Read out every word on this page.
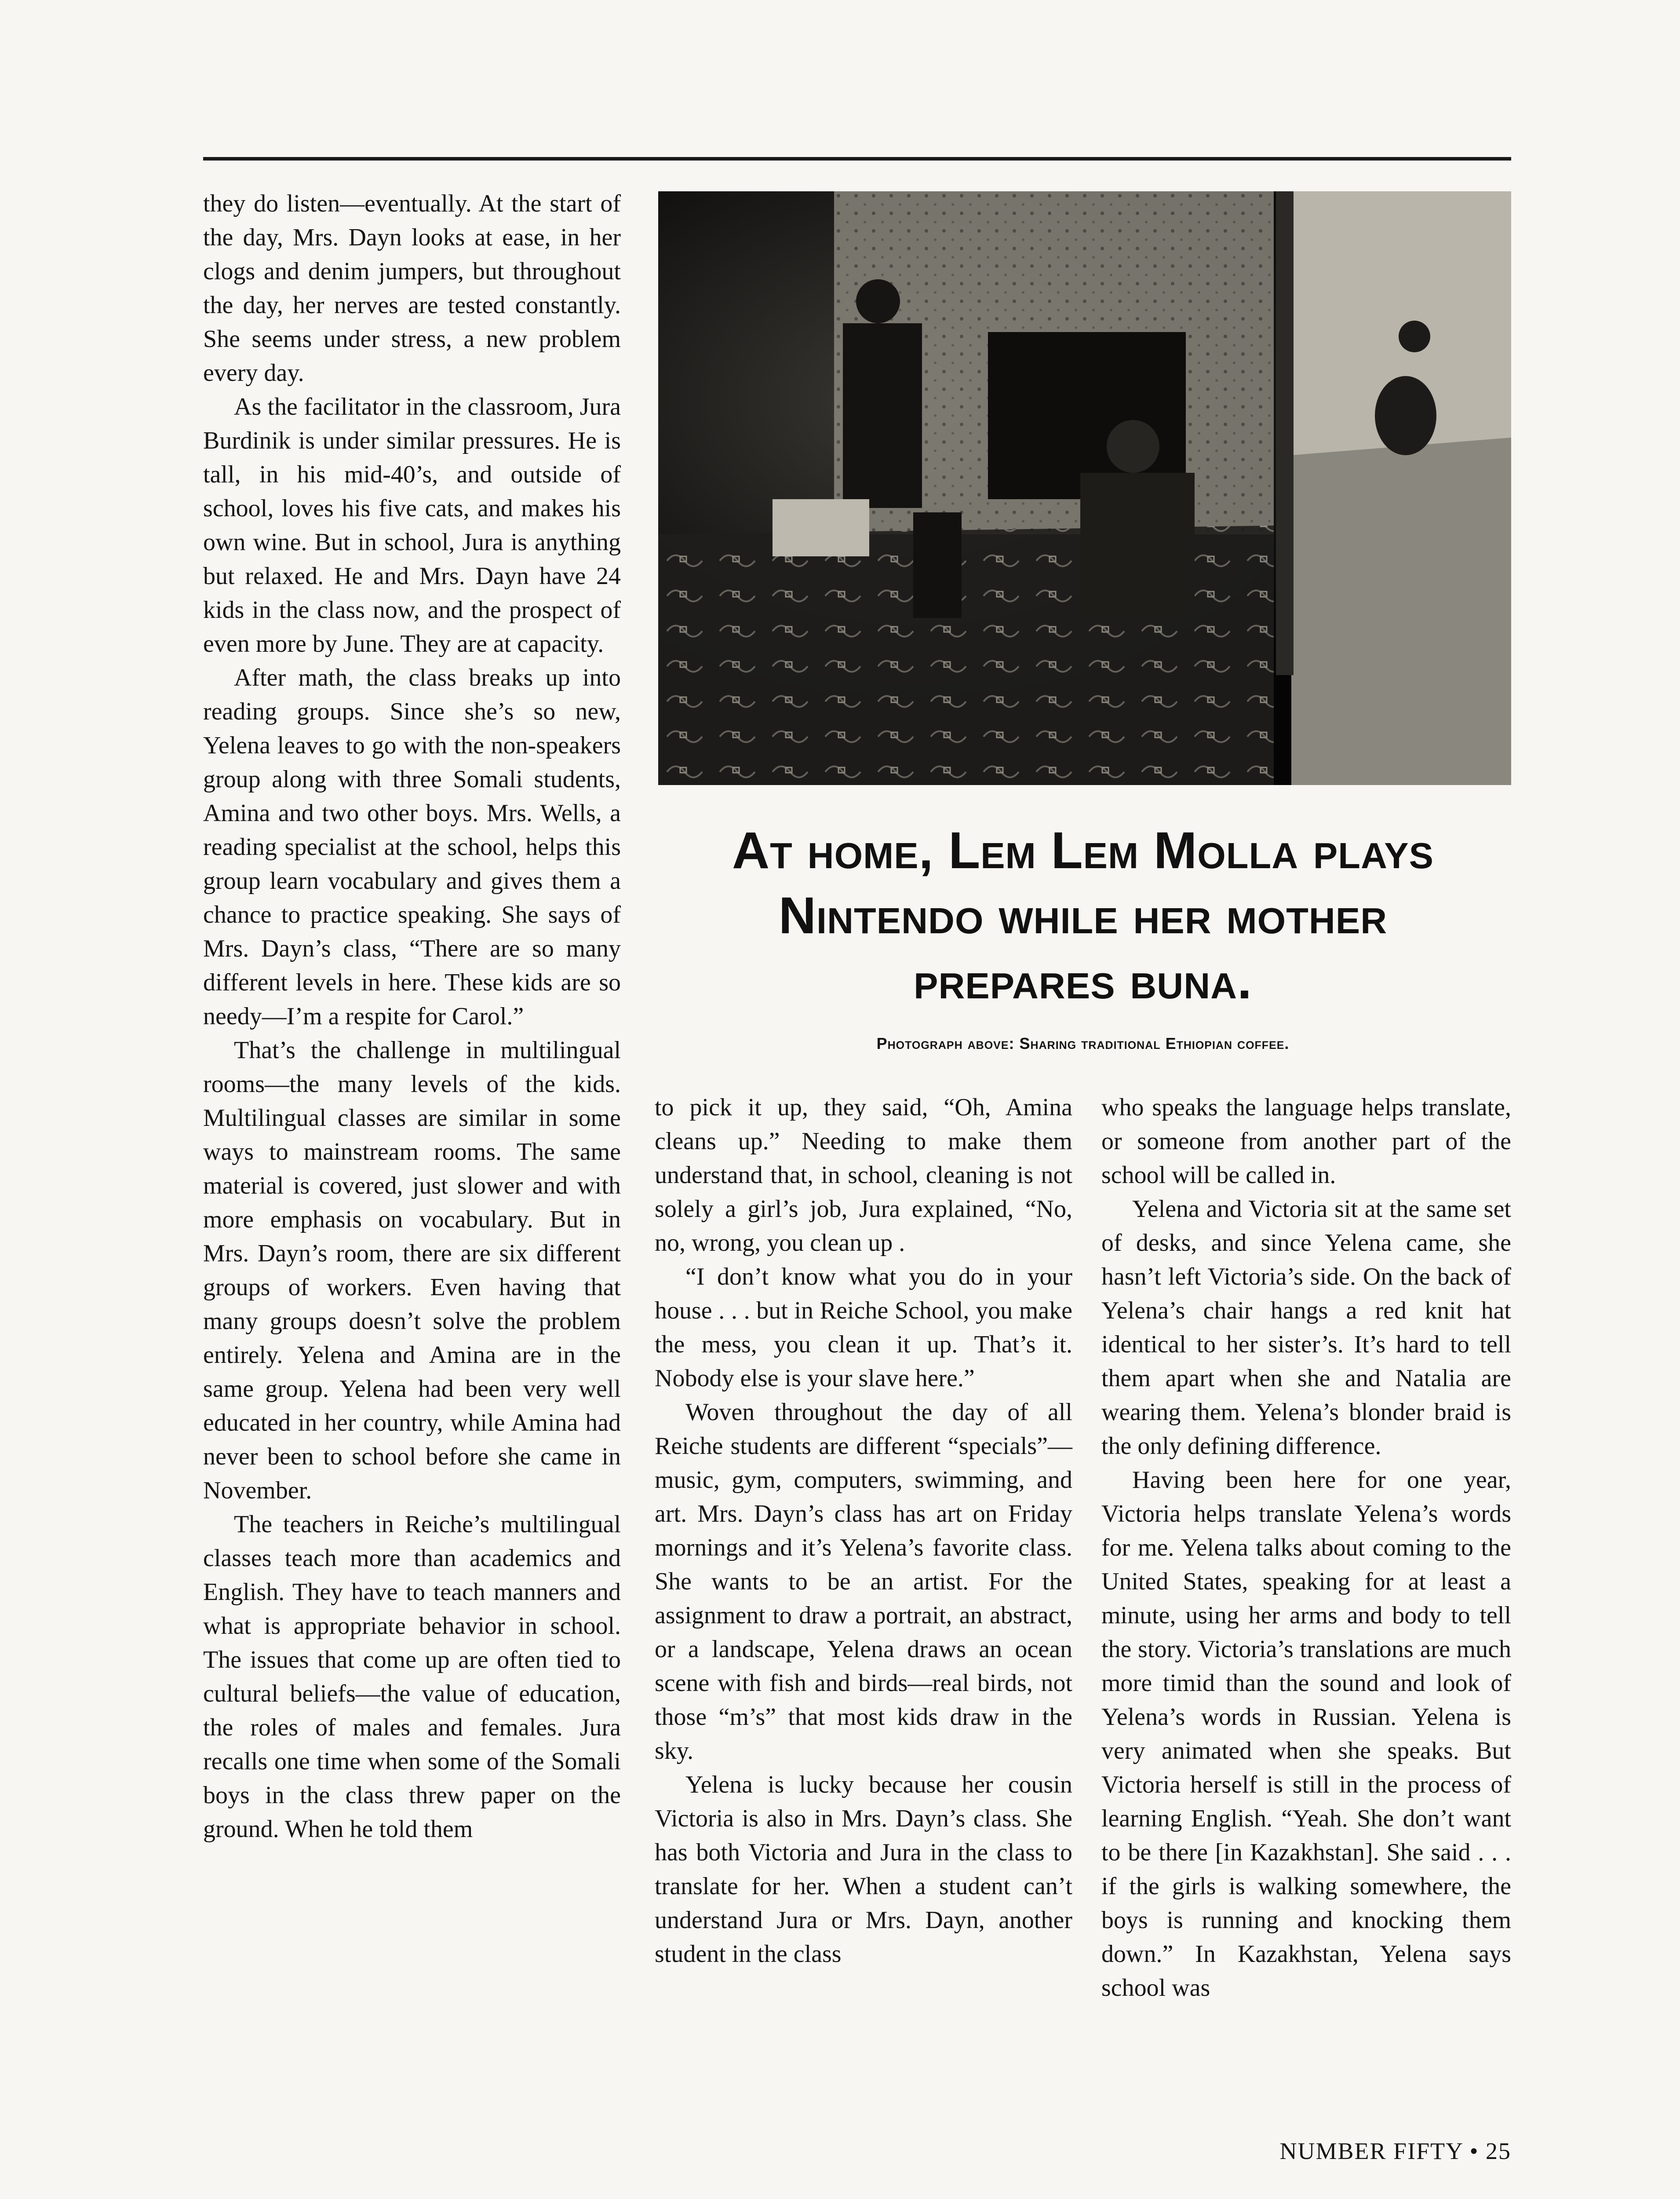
they do listen—eventually. At the start of the day, Mrs. Dayn looks at ease, in her clogs and denim jumpers, but throughout the day, her nerves are tested constantly. She seems under stress, a new problem every day.

As the facilitator in the classroom, Jura Burdinik is under similar pressures. He is tall, in his mid-40’s, and outside of school, loves his five cats, and makes his own wine. But in school, Jura is anything but relaxed. He and Mrs. Dayn have 24 kids in the class now, and the prospect of even more by June. They are at capacity.

After math, the class breaks up into reading groups. Since she’s so new, Yelena leaves to go with the non-speakers group along with three Somali students, Amina and two other boys. Mrs. Wells, a reading specialist at the school, helps this group learn vocabulary and gives them a chance to practice speaking. She says of Mrs. Dayn’s class, “There are so many different levels in here. These kids are so needy—I’m a respite for Carol.”

That’s the challenge in multilingual rooms—the many levels of the kids. Multilingual classes are similar in some ways to mainstream rooms. The same material is covered, just slower and with more emphasis on vocabulary. But in Mrs. Dayn’s room, there are six different groups of workers. Even having that many groups doesn’t solve the problem entirely. Yelena and Amina are in the same group. Yelena had been very well educated in her country, while Amina had never been to school before she came in November.

The teachers in Reiche’s multilingual classes teach more than academics and English. They have to teach manners and what is appropriate behavior in school. The issues that come up are often tied to cultural beliefs—the value of education, the roles of males and females. Jura recalls one time when some of the Somali boys in the class threw paper on the ground. When he told them

At home, Lem Lem Molla plays
Nintendo while her mother
prepares buna.
Photograph above: Sharing traditional Ethiopian coffee.

to pick it up, they said, “Oh, Amina cleans up.” Needing to make them understand that, in school, cleaning is not solely a girl’s job, Jura explained, “No, no, wrong, you clean up .

“I don’t know what you do in your house . . . but in Reiche School, you make the mess, you clean it up. That’s it. Nobody else is your slave here.”

Woven throughout the day of all Reiche students are different “specials”—music, gym, computers, swimming, and art. Mrs. Dayn’s class has art on Friday mornings and it’s Yelena’s favorite class. She wants to be an artist. For the assignment to draw a portrait, an abstract, or a landscape, Yelena draws an ocean scene with fish and birds—real birds, not those “m’s” that most kids draw in the sky.

Yelena is lucky because her cousin Victoria is also in Mrs. Dayn’s class. She has both Victoria and Jura in the class to translate for her. When a student can’t understand Jura or Mrs. Dayn, another student in the class

who speaks the language helps translate, or someone from another part of the school will be called in.

Yelena and Victoria sit at the same set of desks, and since Yelena came, she hasn’t left Victoria’s side. On the back of Yelena’s chair hangs a red knit hat identical to her sister’s. It’s hard to tell them apart when she and Natalia are wearing them. Yelena’s blonder braid is the only defining difference.

Having been here for one year, Victoria helps translate Yelena’s words for me. Yelena talks about coming to the United States, speaking for at least a minute, using her arms and body to tell the story. Victoria’s translations are much more timid than the sound and look of Yelena’s words in Russian. Yelena is very animated when she speaks. But Victoria herself is still in the process of learning English. “Yeah. She don’t want to be there [in Kazakhstan]. She said . . . if the girls is walking somewhere, the boys is running and knocking them down.” In Kazakhstan, Yelena says school was

NUMBER FIFTY • 25
